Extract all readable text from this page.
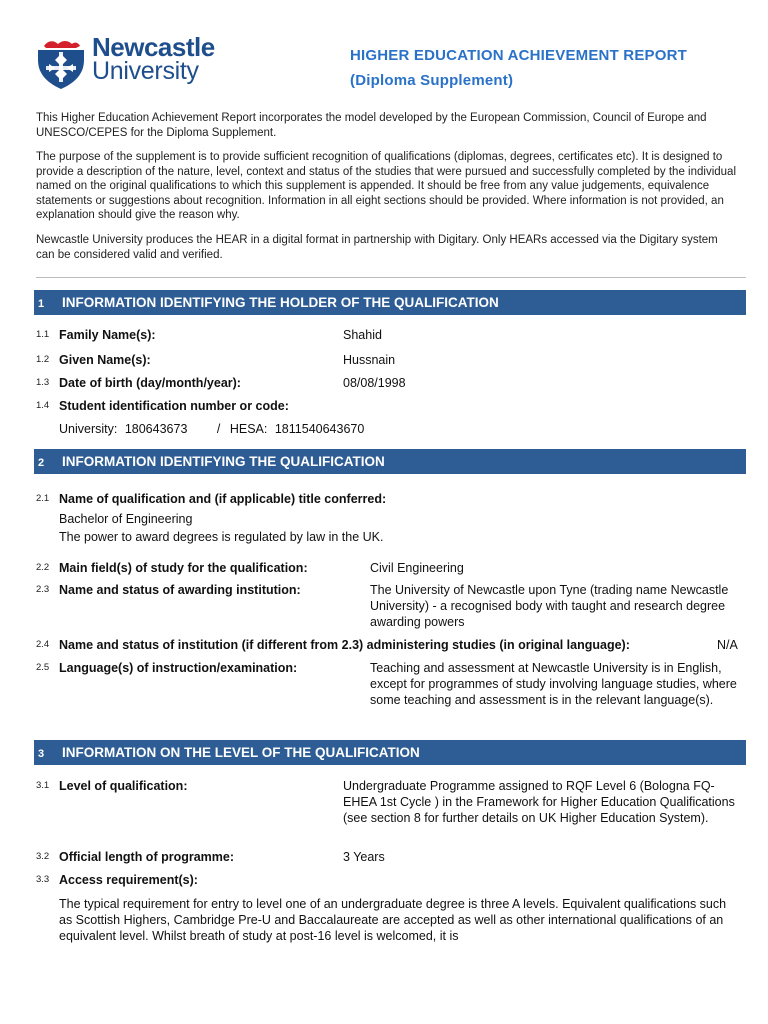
Newcastle
University
HIGHER EDUCATION ACHIEVEMENT REPORT
(Diploma Supplement)
This Higher Education Achievement Report incorporates the model developed by the European Commission, Council of Europe and UNESCO/CEPES for the Diploma Supplement.
The purpose of the supplement is to provide sufficient recognition of qualifications (diplomas, degrees, certificates etc). It is designed to provide a description of the nature, level, context and status of the studies that were pursued and successfully completed by the individual named on the original qualifications to which this supplement is appended. It should be free from any value judgements, equivalence statements or suggestions about recognition. Information in all eight sections should be provided. Where information is not provided, an explanation should give the reason why.
Newcastle University produces the HEAR in a digital format in partnership with Digitary. Only HEARs accessed via the Digitary system can be considered valid and verified.
1 INFORMATION IDENTIFYING THE HOLDER OF THE QUALIFICATION
1.1 Family Name(s):	Shahid
1.2 Given Name(s):	Hussnain
1.3 Date of birth (day/month/year):	08/08/1998
1.4 Student identification number or code:
University: 180643673 / HESA: 1811540643670
2 INFORMATION IDENTIFYING THE QUALIFICATION
2.1 Name of qualification and (if applicable) title conferred:
Bachelor of Engineering
The power to award degrees is regulated by law in the UK.
2.2 Main field(s) of study for the qualification:	Civil Engineering
2.3 Name and status of awarding institution:	The University of Newcastle upon Tyne (trading name Newcastle University) - a recognised body with taught and research degree awarding powers
2.4 Name and status of institution (if different from 2.3) administering studies (in original language):	N/A
2.5 Language(s) of instruction/examination:	Teaching and assessment at Newcastle University is in English, except for programmes of study involving language studies, where some teaching and assessment is in the relevant language(s).
3 INFORMATION ON THE LEVEL OF THE QUALIFICATION
3.1 Level of qualification:	Undergraduate Programme assigned to RQF Level 6 (Bologna FQ-EHEA 1st Cycle ) in the Framework for Higher Education Qualifications (see section 8 for further details on UK Higher Education System).
3.2 Official length of programme:	3 Years
3.3 Access requirement(s):
The typical requirement for entry to level one of an undergraduate degree is three A levels. Equivalent qualifications such as Scottish Highers, Cambridge Pre-U and Baccalaureate are accepted as well as other international qualifications of an equivalent level. Whilst breath of study at post-16 level is welcomed, it is
